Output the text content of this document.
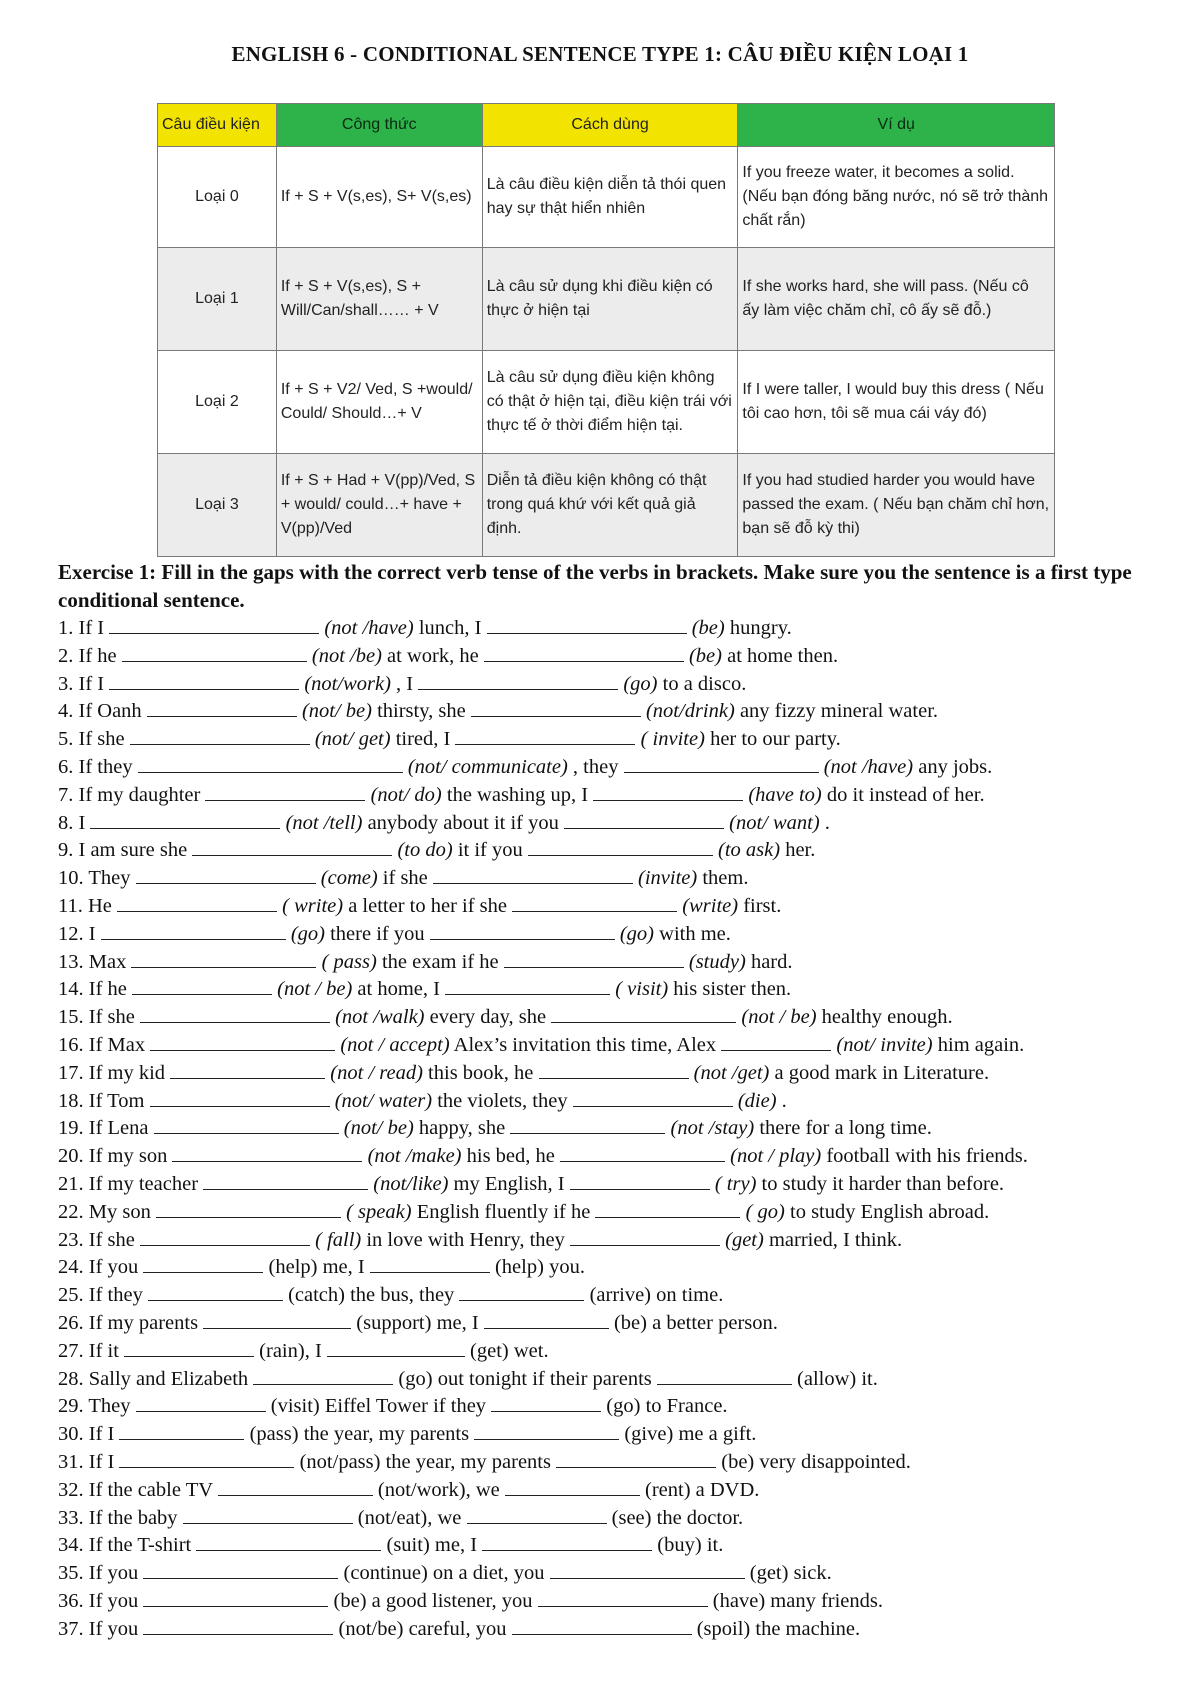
ENGLISH 6 - CONDITIONAL SENTENCE TYPE 1: CÂU ĐIỀU KIỆN LOẠI 1
Câu điều kiện	Công thức	Cách dùng	Ví dụ
Loại 0	If + S + V(s,es), S+ V(s,es)	Là câu điều kiện diễn tả thói quen hay sự thật hiển nhiên	If you freeze water, it becomes a solid. (Nếu bạn đóng băng nước, nó sẽ trở thành chất rắn)
Loại 1	If + S + V(s,es), S + Will/Can/shall…… + V	Là câu sử dụng khi điều kiện có thực ở hiện tại	If she works hard, she will pass. (Nếu cô ấy làm việc chăm chỉ, cô ấy sẽ đỗ.)
Loại 2	If + S + V2/ Ved, S +would/ Could/ Should…+ V	Là câu sử dụng điều kiện không có thật ở hiện tại, điều kiện trái với thực tế ở thời điểm hiện tại.	If I were taller, I would buy this dress ( Nếu tôi cao hơn, tôi sẽ mua cái váy đó)
Loại 3	If + S + Had + V(pp)/Ved, S + would/ could…+ have + V(pp)/Ved	Diễn tả điều kiện không có thật trong quá khứ với kết quả giả định.	If you had studied harder you would have passed the exam. ( Nếu bạn chăm chỉ hơn, bạn sẽ đỗ kỳ thi)
Exercise 1: Fill in the gaps with the correct verb tense of the verbs in brackets. Make sure you the sentence is a first type conditional sentence.
1. If I	(not /have) lunch, I	(be) hungry.
2. If he	(not /be) at work, he	(be) at home then.
3. If I	(not/work) , I	(go) to a disco.
4. If Oanh	(not/ be) thirsty, she	(not/drink) any fizzy mineral water.
5. If she	(not/ get) tired, I	( invite) her to our party.
6. If they	(not/ communicate) , they	(not /have) any jobs.
7. If my daughter	(not/ do) the washing up, I	(have to) do it instead of her.
8. I	(not /tell) anybody about it if you	(not/ want) .
9. I am sure she	(to do) it if you	(to ask) her.
10. They	(come) if she	(invite) them.
11. He	( write) a letter to her if she	(write) first.
12. I	(go) there if you	(go) with me.
13. Max	( pass) the exam if he	(study) hard.
14. If he	(not / be) at home, I	( visit) his sister then.
15. If she	(not /walk) every day, she	(not / be) healthy enough.
16. If Max	(not / accept) Alex’s invitation this time, Alex	(not/ invite) him again.
17. If my kid	(not / read) this book, he	(not /get) a good mark in Literature.
18. If Tom	(not/ water) the violets, they	(die) .
19. If Lena	(not/ be) happy, she	(not /stay) there for a long time.
20. If my son	(not /make) his bed, he	(not / play) football with his friends.
21. If my teacher	(not/like) my English, I	( try) to study it harder than before.
22. My son	( speak) English fluently if he	( go) to study English abroad.
23. If she	( fall) in love with Henry, they	(get) married, I think.
24. If you	(help) me, I	(help) you.
25. If they	(catch) the bus, they	(arrive) on time.
26. If my parents	(support) me, I	(be) a better person.
27. If it	(rain), I	(get) wet.
28. Sally and Elizabeth	(go) out tonight if their parents	(allow) it.
29. They	(visit) Eiffel Tower if they	(go) to France.
30. If I	(pass) the year, my parents	(give) me a gift.
31. If I	(not/pass) the year, my parents	(be) very disappointed.
32. If the cable TV	(not/work), we	(rent) a DVD.
33. If the baby	(not/eat), we	(see) the doctor.
34. If the T-shirt	(suit) me, I	(buy) it.
35. If you	(continue) on a diet, you	(get) sick.
36. If you	(be) a good listener, you	(have) many friends.
37. If you	(not/be) careful, you	(spoil) the machine.
